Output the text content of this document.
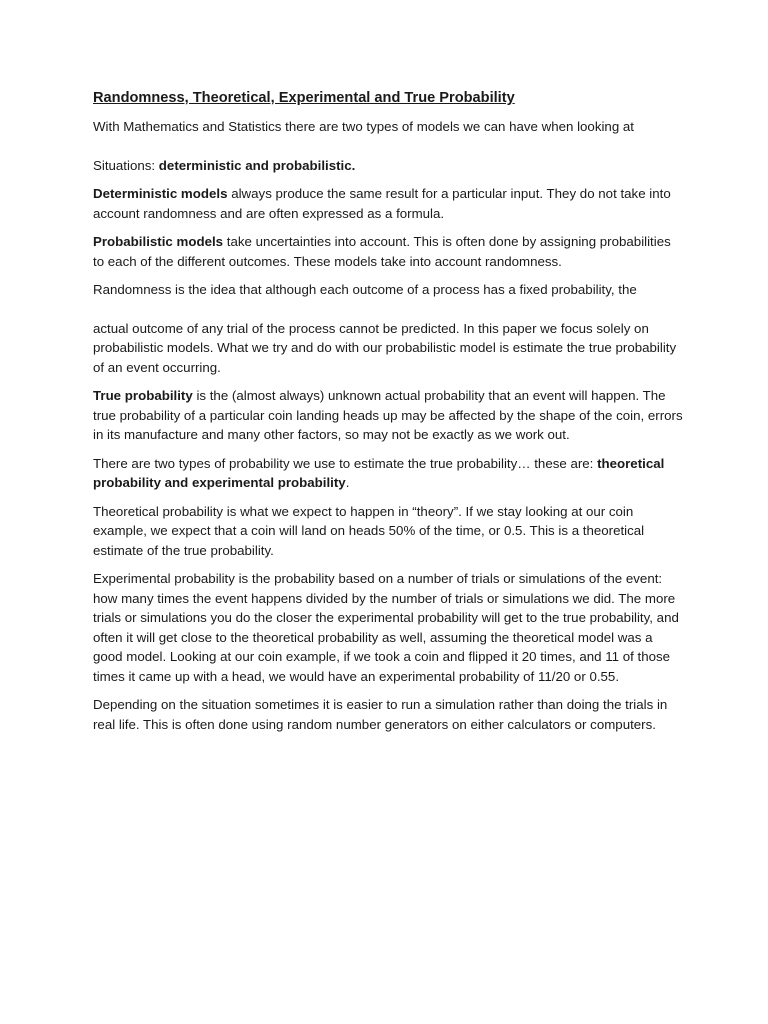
Randomness, Theoretical, Experimental and True Probability

With Mathematics and Statistics there are two types of models we can have when looking at

Situations: deterministic and probabilistic.

Deterministic models always produce the same result for a particular input. They do not take into account randomness and are often expressed as a formula.

Probabilistic models take uncertainties into account. This is often done by assigning probabilities to each of the different outcomes. These models take into account randomness.

Randomness is the idea that although each outcome of a process has a fixed probability, the

actual outcome of any trial of the process cannot be predicted. In this paper we focus solely on probabilistic models. What we try and do with our probabilistic model is estimate the true probability of an event occurring.

True probability is the (almost always) unknown actual probability that an event will happen. The true probability of a particular coin landing heads up may be affected by the shape of the coin, errors in its manufacture and many other factors, so may not be exactly as we work out.

There are two types of probability we use to estimate the true probability… these are: theoretical probability and experimental probability.

Theoretical probability is what we expect to happen in “theory”. If we stay looking at our coin example, we expect that a coin will land on heads 50% of the time, or 0.5. This is a theoretical estimate of the true probability.

Experimental probability is the probability based on a number of trials or simulations of the event: how many times the event happens divided by the number of trials or simulations we did. The more trials or simulations you do the closer the experimental probability will get to the true probability, and often it will get close to the theoretical probability as well, assuming the theoretical model was a good model. Looking at our coin example, if we took a coin and flipped it 20 times, and 11 of those times it came up with a head, we would have an experimental probability of 11/20 or 0.55.

Depending on the situation sometimes it is easier to run a simulation rather than doing the trials in real life. This is often done using random number generators on either calculators or computers.
